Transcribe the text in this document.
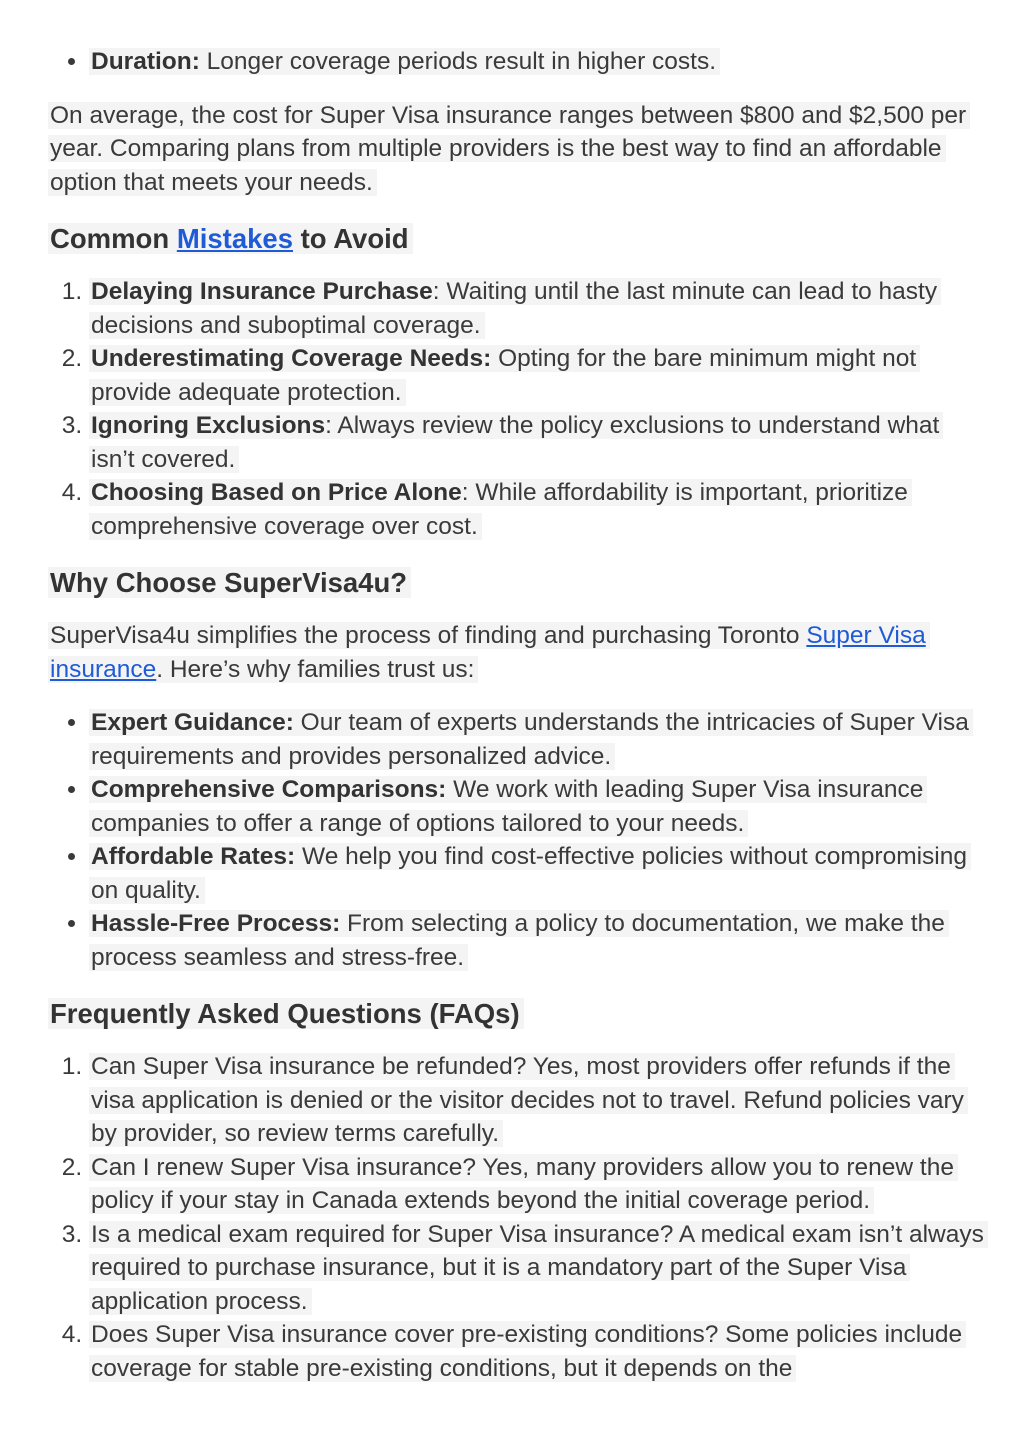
• Duration: Longer coverage periods result in higher costs.

On average, the cost for Super Visa insurance ranges between $800 and $2,500 per year. Comparing plans from multiple providers is the best way to find an affordable option that meets your needs.

Common Mistakes to Avoid
1. Delaying Insurance Purchase: Waiting until the last minute can lead to hasty decisions and suboptimal coverage.
2. Underestimating Coverage Needs: Opting for the bare minimum might not provide adequate protection.
3. Ignoring Exclusions: Always review the policy exclusions to understand what isn’t covered.
4. Choosing Based on Price Alone: While affordability is important, prioritize comprehensive coverage over cost.
Why Choose SuperVisa4u?

SuperVisa4u simplifies the process of finding and purchasing Toronto Super Visa insurance. Here’s why families trust us:

• Expert Guidance: Our team of experts understands the intricacies of Super Visa requirements and provides personalized advice.
• Comprehensive Comparisons: We work with leading Super Visa insurance companies to offer a range of options tailored to your needs.
• Affordable Rates: We help you find cost-effective policies without compromising on quality.
• Hassle-Free Process: From selecting a policy to documentation, we make the process seamless and stress-free.
Frequently Asked Questions (FAQs)
1. Can Super Visa insurance be refunded? Yes, most providers offer refunds if the visa application is denied or the visitor decides not to travel. Refund policies vary by provider, so review terms carefully.
2. Can I renew Super Visa insurance? Yes, many providers allow you to renew the policy if your stay in Canada extends beyond the initial coverage period.
3. Is a medical exam required for Super Visa insurance? A medical exam isn’t always required to purchase insurance, but it is a mandatory part of the Super Visa application process.
4. Does Super Visa insurance cover pre-existing conditions? Some policies include coverage for stable pre-existing conditions, but it depends on the
